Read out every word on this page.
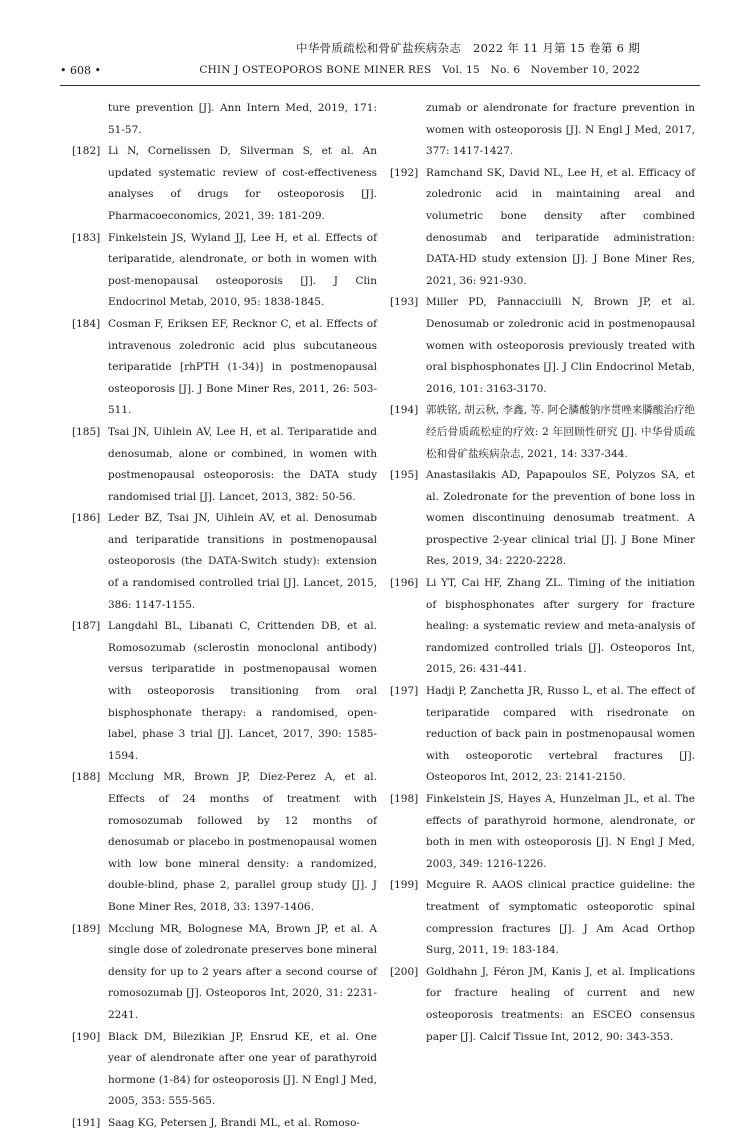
中华骨质疏松和骨矿盐疾病杂志　2022 年 11 月第 15 卷第 6 期
• 608 •	CHIN J OSTEOPOROS BONE MINER RES　Vol. 15　No. 6　November 10, 2022

ture prevention [J]. Ann Intern Med, 2019, 171: 51-57.

[182] Li N, Cornelissen D, Silverman S, et al. An updated systematic review of cost-effectiveness analyses of drugs for osteoporosis [J]. Pharmacoeconomics, 2021, 39: 181-209.

[183] Finkelstein JS, Wyland JJ, Lee H, et al. Effects of teriparatide, alendronate, or both in women with post-menopausal osteoporosis [J]. J Clin Endocrinol Metab, 2010, 95: 1838-1845.

[184] Cosman F, Eriksen EF, Recknor C, et al. Effects of intravenous zoledronic acid plus subcutaneous teriparatide [rhPTH (1-34)] in postmenopausal osteoporosis [J]. J Bone Miner Res, 2011, 26: 503-511.

[185] Tsai JN, Uihlein AV, Lee H, et al. Teriparatide and denosumab, alone or combined, in women with postmenopausal osteoporosis: the DATA study randomised trial [J]. Lancet, 2013, 382: 50-56.

[186] Leder BZ, Tsai JN, Uihlein AV, et al. Denosumab and teriparatide transitions in postmenopausal osteoporosis (the DATA-Switch study): extension of a randomised controlled trial [J]. Lancet, 2015, 386: 1147-1155.

[187] Langdahl BL, Libanati C, Crittenden DB, et al. Romosozumab (sclerostin monoclonal antibody) versus teriparatide in postmenopausal women with osteoporosis transitioning from oral bisphosphonate therapy: a randomised, open-label, phase 3 trial [J]. Lancet, 2017, 390: 1585-1594.

[188] Mcclung MR, Brown JP, Diez-Perez A, et al. Effects of 24 months of treatment with romosozumab followed by 12 months of denosumab or placebo in postmenopausal women with low bone mineral density: a randomized, double-blind, phase 2, parallel group study [J]. J Bone Miner Res, 2018, 33: 1397-1406.

[189] Mcclung MR, Bolognese MA, Brown JP, et al. A single dose of zoledronate preserves bone mineral density for up to 2 years after a second course of romosozumab [J]. Osteoporos Int, 2020, 31: 2231-2241.

[190] Black DM, Bilezikian JP, Ensrud KE, et al. One year of alendronate after one year of parathyroid hormone (1-84) for osteoporosis [J]. N Engl J Med, 2005, 353: 555-565.

[191] Saag KG, Petersen J, Brandi ML, et al. Romoso-

zumab or alendronate for fracture prevention in women with osteoporosis [J]. N Engl J Med, 2017, 377: 1417-1427.

[192] Ramchand SK, David NL, Lee H, et al. Efficacy of zoledronic acid in maintaining areal and volumetric bone density after combined denosumab and teriparatide administration: DATA-HD study extension [J]. J Bone Miner Res, 2021, 36: 921-930.

[193] Miller PD, Pannacciulli N, Brown JP, et al. Denosumab or zoledronic acid in postmenopausal women with osteoporosis previously treated with oral bisphosphonates [J]. J Clin Endocrinol Metab, 2016, 101: 3163-3170.

[194] 郭轶铭, 胡云秋, 李鑫, 等. 阿仑膦酸钠序贯唑来膦酸治疗绝经后骨质疏松症的疗效: 2 年回顾性研究 [J]. 中华骨质疏松和骨矿盐疾病杂志, 2021, 14: 337-344.

[195] Anastasilakis AD, Papapoulos SE, Polyzos SA, et al. Zoledronate for the prevention of bone loss in women discontinuing denosumab treatment. A prospective 2-year clinical trial [J]. J Bone Miner Res, 2019, 34: 2220-2228.

[196] Li YT, Cai HF, Zhang ZL. Timing of the initiation of bisphosphonates after surgery for fracture healing: a systematic review and meta-analysis of randomized controlled trials [J]. Osteoporos Int, 2015, 26: 431-441.

[197] Hadji P, Zanchetta JR, Russo L, et al. The effect of teriparatide compared with risedronate on reduction of back pain in postmenopausal women with osteoporotic vertebral fractures [J]. Osteoporos Int, 2012, 23: 2141-2150.

[198] Finkelstein JS, Hayes A, Hunzelman JL, et al. The effects of parathyroid hormone, alendronate, or both in men with osteoporosis [J]. N Engl J Med, 2003, 349: 1216-1226.

[199] Mcguire R. AAOS clinical practice guideline: the treatment of symptomatic osteoporotic spinal compression fractures [J]. J Am Acad Orthop Surg, 2011, 19: 183-184.

[200] Goldhahn J, Féron JM, Kanis J, et al. Implications for fracture healing of current and new osteoporosis treatments: an ESCEO consensus paper [J]. Calcif Tissue Int, 2012, 90: 343-353.
